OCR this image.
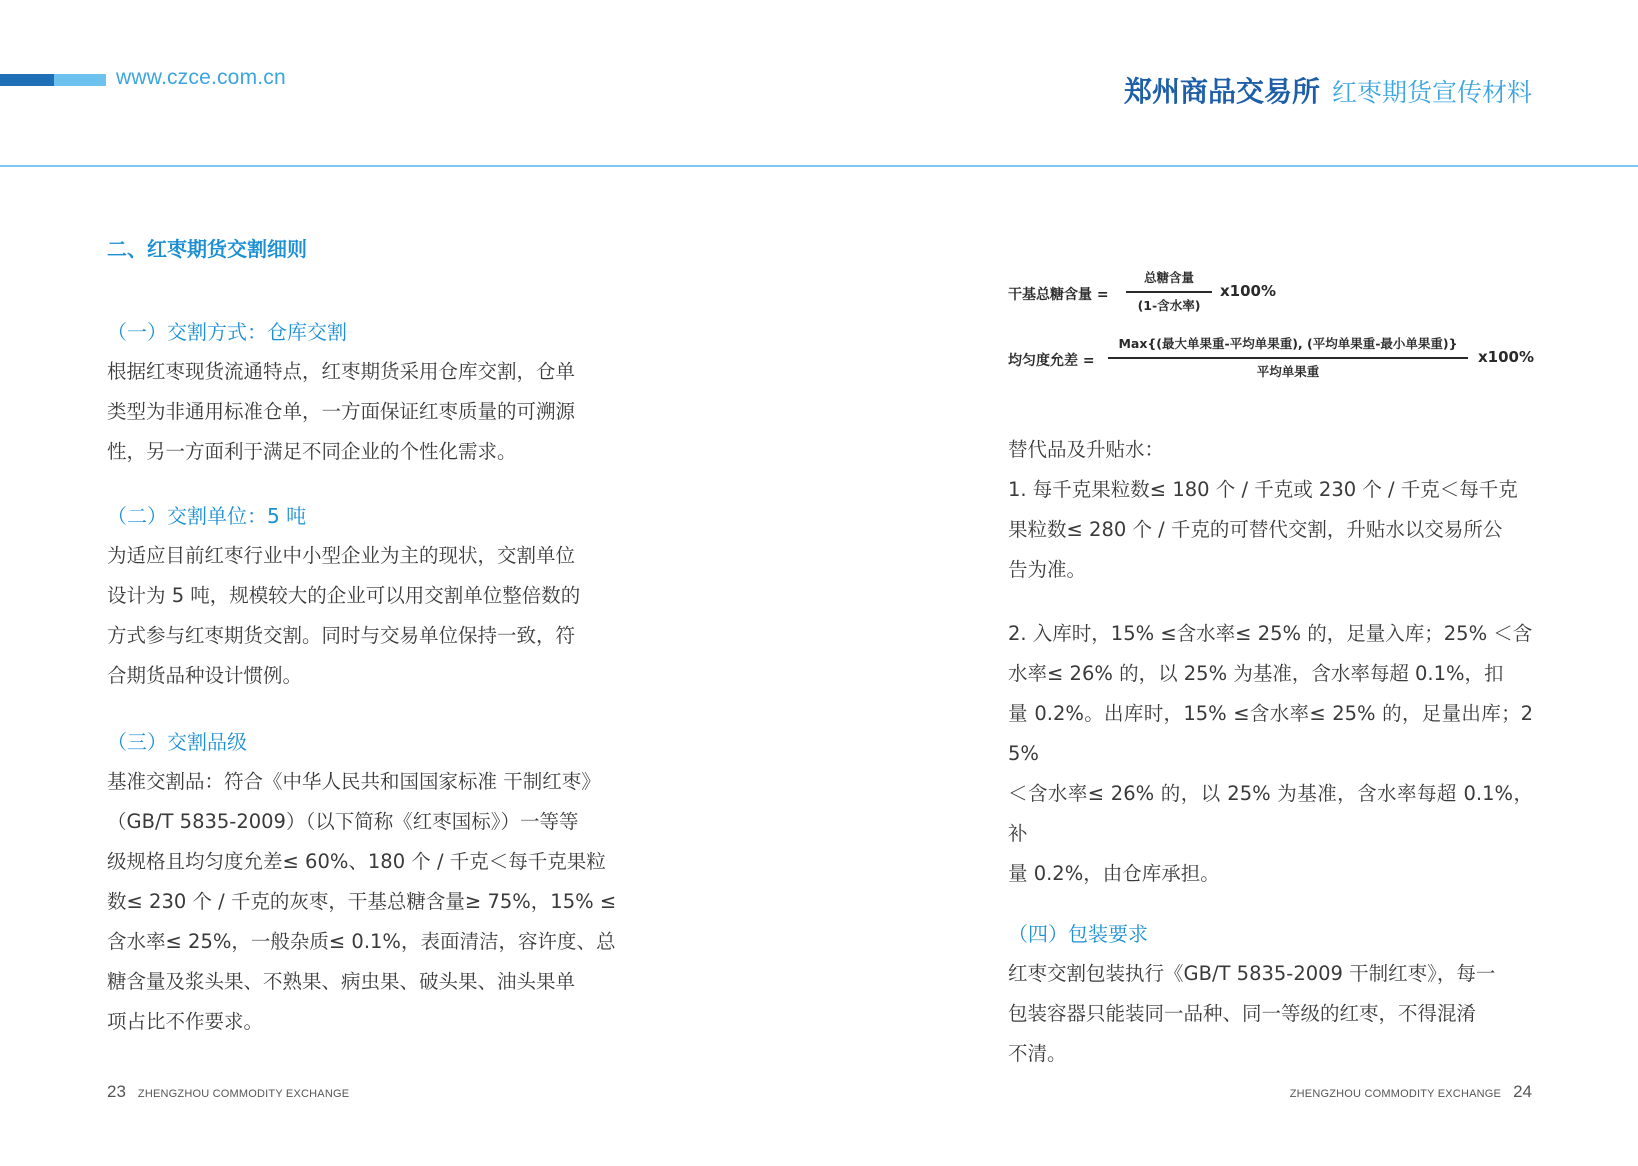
www.czce.com.cn	郑州商品交易所 红枣期货宣传材料
二、红枣期货交割细则
（一）交割方式：仓库交割

根据红枣现货流通特点，红枣期货采用仓库交割，仓单

类型为非通用标准仓单，一方面保证红枣质量的可溯源

性，另一方面利于满足不同企业的个性化需求。

（二）交割单位：5 吨

为适应目前红枣行业中小型企业为主的现状，交割单位

设计为 5 吨，规模较大的企业可以用交割单位整倍数的

方式参与红枣期货交割。同时与交易单位保持一致，符

合期货品种设计惯例。

（三）交割品级

基准交割品：符合《中华人民共和国国家标准 干制红枣》

（GB/T 5835-2009）（以下简称《红枣国标》）一等等

级规格且均匀度允差≤ 60%、180 个 / 千克＜每千克果粒

数≤ 230 个 / 千克的灰枣，干基总糖含量≥ 75%，15% ≤

含水率≤ 25%，一般杂质≤ 0.1%，表面清洁，容许度、总

糖含量及浆头果、不熟果、病虫果、破头果、油头果单

项占比不作要求。

干基总糖含量 =
总糖含量
(1-含水率)
x100%
均匀度允差 =
Max{(最大单果重-平均单果重), (平均单果重-最小单果重)}
平均单果重
x100%

替代品及升贴水：

1. 每千克果粒数≤ 180 个 / 千克或 230 个 / 千克＜每千克

果粒数≤ 280 个 / 千克的可替代交割，升贴水以交易所公

告为准。

2. 入库时，15% ≤含水率≤ 25% 的，足量入库；25% ＜含

水率≤ 26% 的，以 25% 为基准，含水率每超 0.1%，扣

量 0.2%。出库时，15% ≤含水率≤ 25% 的，足量出库；25%

＜含水率≤ 26% 的，以 25% 为基准，含水率每超 0.1%，补

量 0.2%，由仓库承担。

（四）包装要求

红枣交割包装执行《GB/T 5835-2009 干制红枣》，每一

包装容器只能装同一品种、同一等级的红枣，不得混淆

不清。

23 ZHENGZHOU COMMODITY EXCHANGE	ZHENGZHOU COMMODITY EXCHANGE 24
